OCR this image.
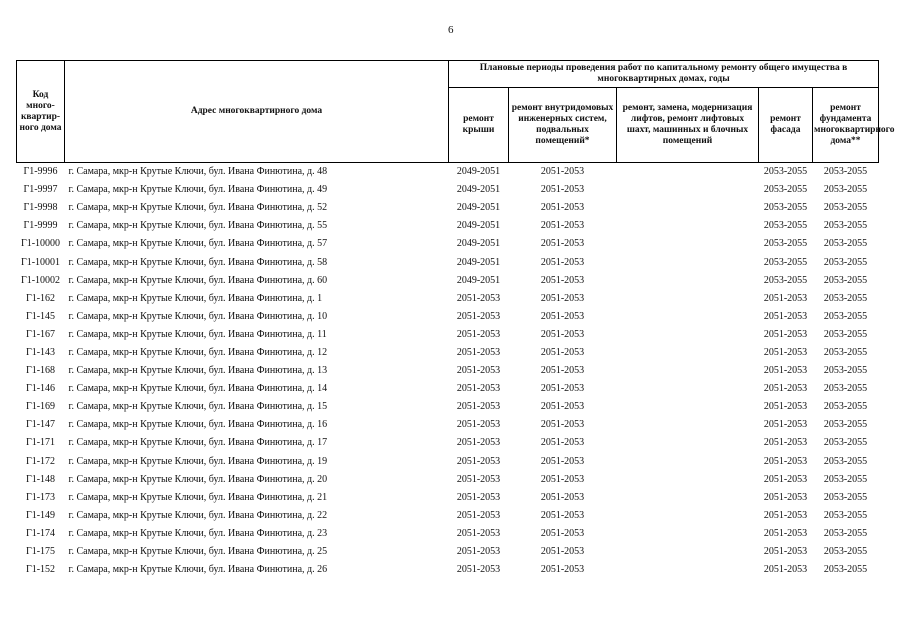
6
Код много-квартир-ного дома	Адрес многоквартирного дома	Плановые периоды проведения работ по капитальному ремонту общего имущества в многоквартирных домах, годы				
		ремонт крыши	ремонт внутридомовых инженерных систем, подвальных помещений*	ремонт, замена, модернизация лифтов, ремонт лифтовых шахт, машинных и блочных помещений	ремонт фасада	ремонт фундамента многоквартирного дома**
Г1-9996	г. Самара, мкр-н Крутые Ключи, бул. Ивана Финютина, д. 48	2049-2051	2051-2053		2053-2055	2053-2055
Г1-9997	г. Самара, мкр-н Крутые Ключи, бул. Ивана Финютина, д. 49	2049-2051	2051-2053		2053-2055	2053-2055
Г1-9998	г. Самара, мкр-н Крутые Ключи, бул. Ивана Финютина, д. 52	2049-2051	2051-2053		2053-2055	2053-2055
Г1-9999	г. Самара, мкр-н Крутые Ключи, бул. Ивана Финютина, д. 55	2049-2051	2051-2053		2053-2055	2053-2055
Г1-10000	г. Самара, мкр-н Крутые Ключи, бул. Ивана Финютина, д. 57	2049-2051	2051-2053		2053-2055	2053-2055
Г1-10001	г. Самара, мкр-н Крутые Ключи, бул. Ивана Финютина, д. 58	2049-2051	2051-2053		2053-2055	2053-2055
Г1-10002	г. Самара, мкр-н Крутые Ключи, бул. Ивана Финютина, д. 60	2049-2051	2051-2053		2053-2055	2053-2055
Г1-162	г. Самара, мкр-н Крутые Ключи, бул. Ивана Финютина, д. 1	2051-2053	2051-2053		2051-2053	2053-2055
Г1-145	г. Самара, мкр-н Крутые Ключи, бул. Ивана Финютина, д. 10	2051-2053	2051-2053		2051-2053	2053-2055
Г1-167	г. Самара, мкр-н Крутые Ключи, бул. Ивана Финютина, д. 11	2051-2053	2051-2053		2051-2053	2053-2055
Г1-143	г. Самара, мкр-н Крутые Ключи, бул. Ивана Финютина, д. 12	2051-2053	2051-2053		2051-2053	2053-2055
Г1-168	г. Самара, мкр-н Крутые Ключи, бул. Ивана Финютина, д. 13	2051-2053	2051-2053		2051-2053	2053-2055
Г1-146	г. Самара, мкр-н Крутые Ключи, бул. Ивана Финютина, д. 14	2051-2053	2051-2053		2051-2053	2053-2055
Г1-169	г. Самара, мкр-н Крутые Ключи, бул. Ивана Финютина, д. 15	2051-2053	2051-2053		2051-2053	2053-2055
Г1-147	г. Самара, мкр-н Крутые Ключи, бул. Ивана Финютина, д. 16	2051-2053	2051-2053		2051-2053	2053-2055
Г1-171	г. Самара, мкр-н Крутые Ключи, бул. Ивана Финютина, д. 17	2051-2053	2051-2053		2051-2053	2053-2055
Г1-172	г. Самара, мкр-н Крутые Ключи, бул. Ивана Финютина, д. 19	2051-2053	2051-2053		2051-2053	2053-2055
Г1-148	г. Самара, мкр-н Крутые Ключи, бул. Ивана Финютина, д. 20	2051-2053	2051-2053		2051-2053	2053-2055
Г1-173	г. Самара, мкр-н Крутые Ключи, бул. Ивана Финютина, д. 21	2051-2053	2051-2053		2051-2053	2053-2055
Г1-149	г. Самара, мкр-н Крутые Ключи, бул. Ивана Финютина, д. 22	2051-2053	2051-2053		2051-2053	2053-2055
Г1-174	г. Самара, мкр-н Крутые Ключи, бул. Ивана Финютина, д. 23	2051-2053	2051-2053		2051-2053	2053-2055
Г1-175	г. Самара, мкр-н Крутые Ключи, бул. Ивана Финютина, д. 25	2051-2053	2051-2053		2051-2053	2053-2055
Г1-152	г. Самара, мкр-н Крутые Ключи, бул. Ивана Финютина, д. 26	2051-2053	2051-2053		2051-2053	2053-2055
